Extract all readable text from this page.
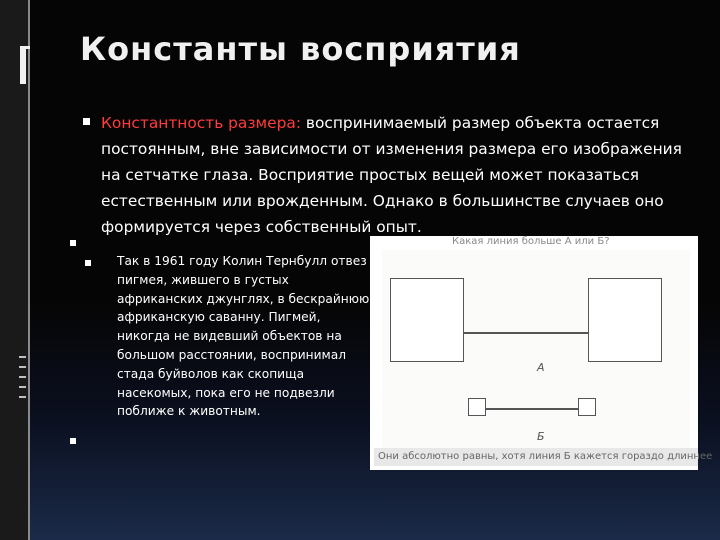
Константы восприятия
Константность размера: воспринимаемый размер объекта остается постоянным, вне зависимости от изменения размера его изображения на сетчатке глаза. Восприятие простых вещей может показаться естественным или врожденным. Однако в большинстве случаев оно формируется через собственный опыт.
Так в 1961 году Колин Тернбулл отвез пигмея, жившего в густых африканских джунглях, в бескрайнюю африканскую саванну. Пигмей, никогда не видевший объектов на большом расстоянии, воспринимал стада буйволов как скопища насекомых, пока его не подвезли поближе к животным.
Какая линия больше А или Б?
А
Б
Они абсолютно равны, хотя линия Б кажется гораздо длиннее
